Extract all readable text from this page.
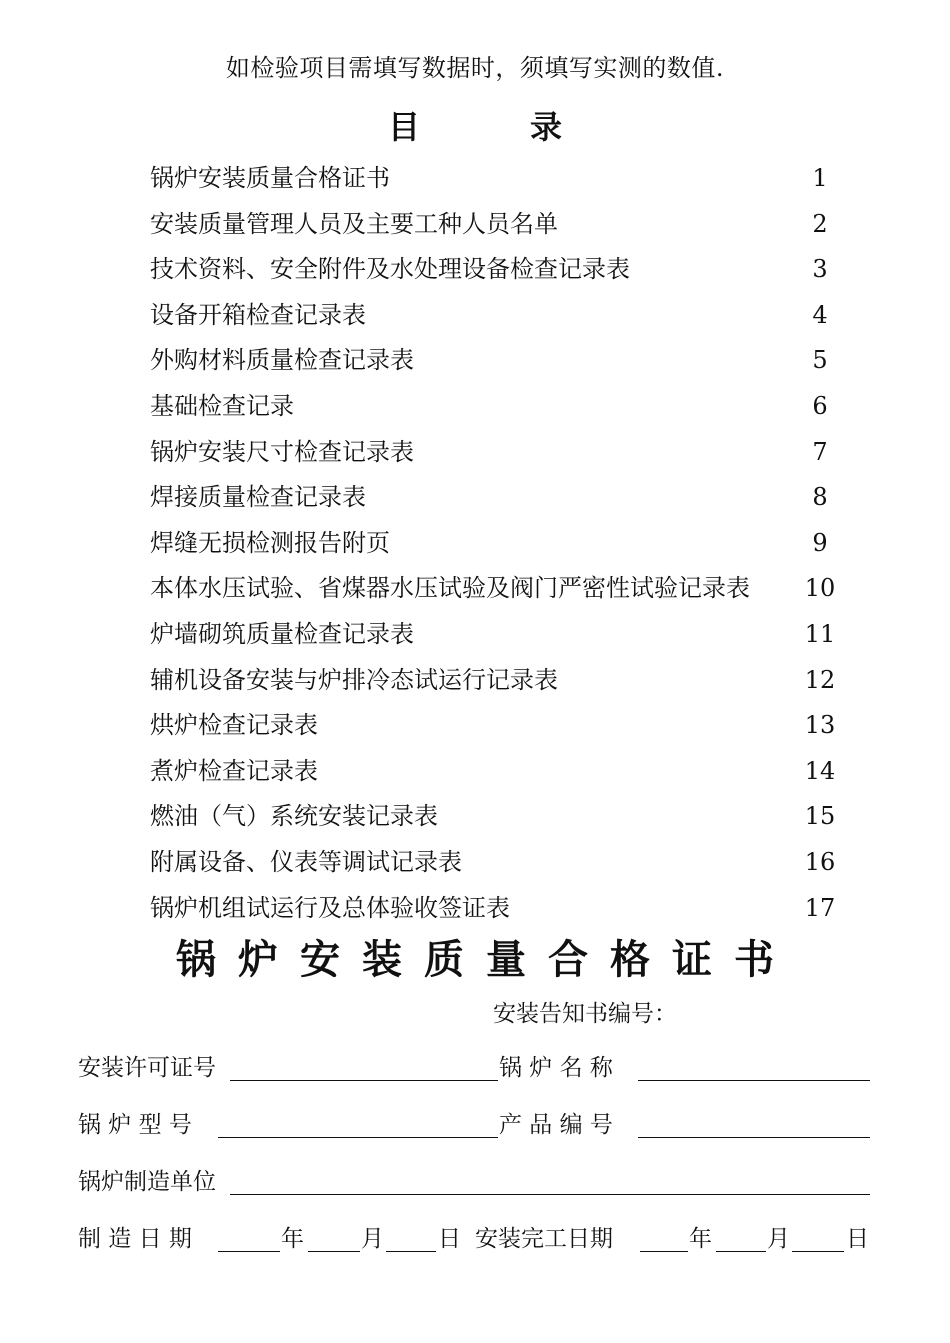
如检验项目需填写数据时，须填写实测的数值.
目	录
锅炉安装质量合格证书	1
安装质量管理人员及主要工种人员名单	2
技术资料、安全附件及水处理设备检查记录表	3
设备开箱检查记录表	4
外购材料质量检查记录表	5
基础检查记录	6
锅炉安装尺寸检查记录表	7
焊接质量检查记录表	8
焊缝无损检测报告附页	9
本体水压试验、省煤器水压试验及阀门严密性试验记录表 10
炉墙砌筑质量检查记录表	11
辅机设备安装与炉排冷态试运行记录表	12
烘炉检查记录表	13
煮炉检查记录表	14
燃油（气）系统安装记录表	15
附属设备、仪表等调试记录表	16
锅炉机组试运行及总体验收签证表	17
锅炉安装质量合格证书
安装告知书编号：
安装许可证号	锅 炉 名 称
锅 炉 型 号	产 品 编 号
锅炉制造单位
制 造 日 期	年 月 日 安装完工日期	年 月 日
